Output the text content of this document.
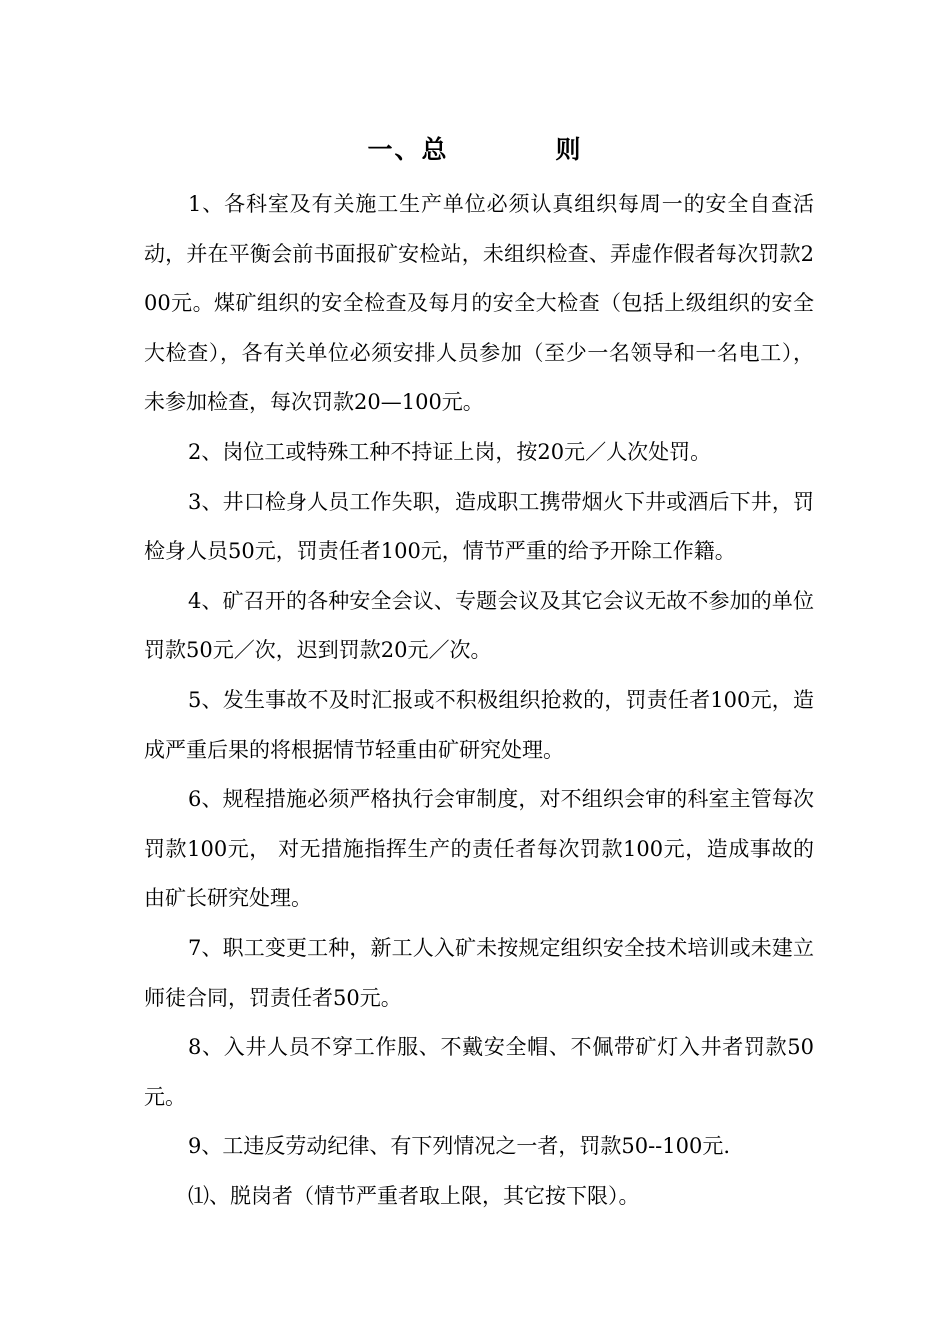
一、总          则

1、各科室及有关施工生产单位必须认真组织每周一的安全自查活动，并在平衡会前书面报矿安检站，未组织检查、弄虚作假者每次罚款200元。煤矿组织的安全检查及每月的安全大检查（包括上级组织的安全大检查），各有关单位必须安排人员参加（至少一名领导和一名电工），未参加检查，每次罚款20—100元。

2、岗位工或特殊工种不持证上岗，按20元／人次处罚。

3、井口检身人员工作失职，造成职工携带烟火下井或酒后下井，罚检身人员50元，罚责任者100元，情节严重的给予开除工作籍。

4、矿召开的各种安全会议、专题会议及其它会议无故不参加的单位罚款50元／次，迟到罚款20元／次。

5、发生事故不及时汇报或不积极组织抢救的，罚责任者100元，造成严重后果的将根据情节轻重由矿研究处理。

6、规程措施必须严格执行会审制度，对不组织会审的科室主管每次罚款100元， 对无措施指挥生产的责任者每次罚款100元，造成事故的由矿长研究处理。

7、职工变更工种，新工人入矿未按规定组织安全技术培训或未建立师徒合同，罚责任者50元。

8、入井人员不穿工作服、不戴安全帽、不佩带矿灯入井者罚款50元。

9、工违反劳动纪律、有下列情况之一者，罚款50--100元.

⑴、脱岗者（情节严重者取上限，其它按下限）。
